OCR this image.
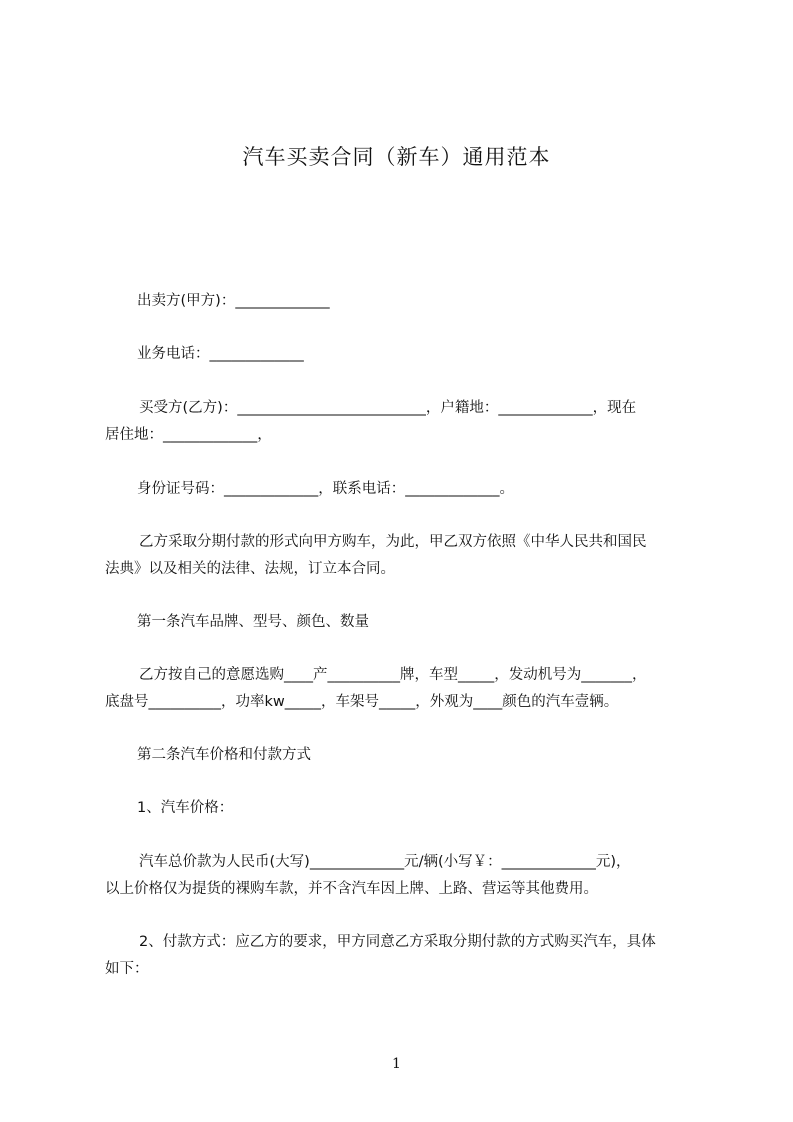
汽车买卖合同（新车）通用范本
出卖方(甲方)：_____________
业务电话：_____________
买受方(乙方)：__________________________，户籍地：_____________，现在
居住地：_____________，
身份证号码：_____________，联系电话：_____________。
乙方采取分期付款的形式向甲方购车，为此，甲乙双方依照《中华人民共和国民
法典》以及相关的法律、法规，订立本合同。
第一条汽车品牌、型号、颜色、数量
乙方按自己的意愿选购____产__________牌，车型_____，发动机号为_______，
底盘号__________，功率kw_____，车架号_____，外观为____颜色的汽车壹辆。
第二条汽车价格和付款方式
1、汽车价格：
汽车总价款为人民币(大写)_____________元/辆(小写￥：_____________元)，
以上价格仅为提货的裸购车款，并不含汽车因上牌、上路、营运等其他费用。
2、付款方式：应乙方的要求，甲方同意乙方采取分期付款的方式购买汽车，具体
如下：
1
